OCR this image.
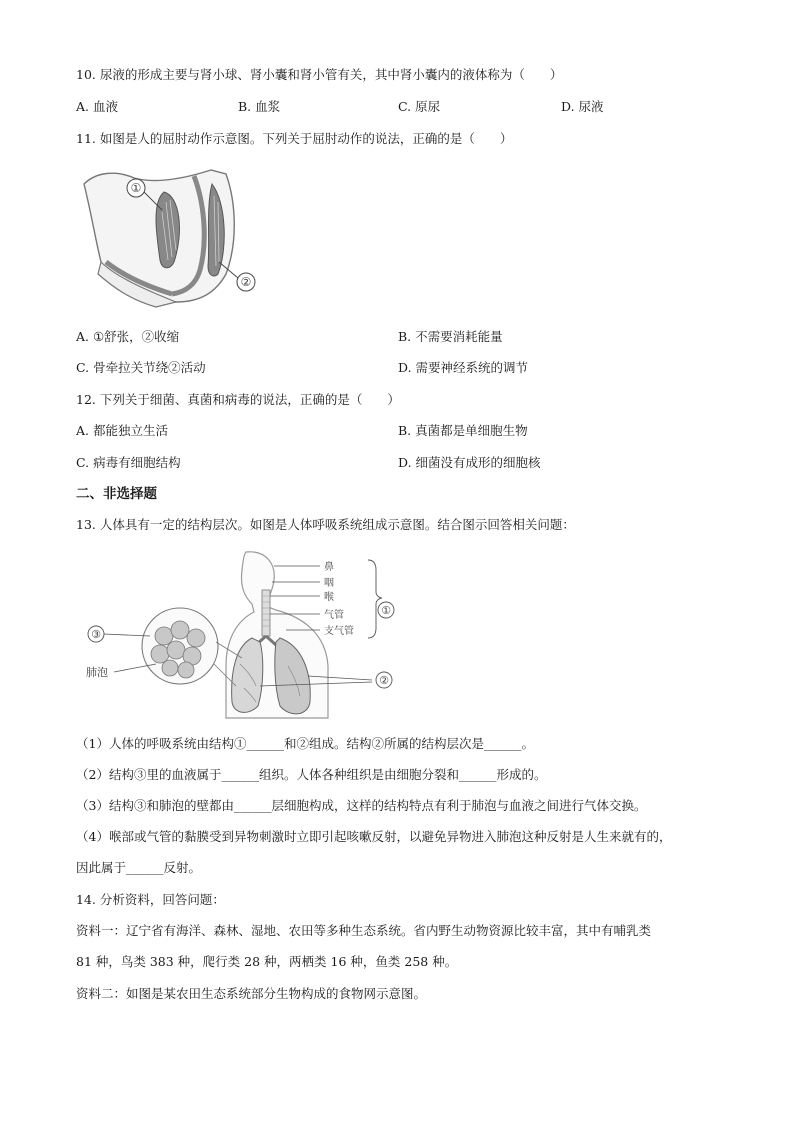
10. 尿液的形成主要与肾小球、肾小囊和肾小管有关，其中肾小囊内的液体称为（　　）
A. 血液	B. 血浆	C. 原尿	D. 尿液
11. 如图是人的屈肘动作示意图。下列关于屈肘动作的说法，正确的是（　　）
①
②
A. ①舒张，②收缩	B. 不需要消耗能量
C. 骨牵拉关节绕②活动	D. 需要神经系统的调节
12. 下列关于细菌、真菌和病毒的说法，正确的是（　　）
A. 都能独立生活	B. 真菌都是单细胞生物
C. 病毒有细胞结构	D. 细菌没有成形的细胞核
二、非选择题
13. 人体具有一定的结构层次。如图是人体呼吸系统组成示意图。结合图示回答相关问题：
③
肺泡
鼻
咽
喉
气管
支气管
①
②
（1）人体的呼吸系统由结构①______和②组成。结构②所属的结构层次是______。
（2）结构③里的血液属于______组织。人体各种组织是由细胞分裂和______形成的。
（3）结构③和肺泡的壁都由______层细胞构成，这样的结构特点有利于肺泡与血液之间进行气体交换。
（4）喉部或气管的黏膜受到异物刺激时立即引起咳嗽反射，以避免异物进入肺泡这种反射是人生来就有的，
因此属于______反射。
14. 分析资料，回答问题：
资料一：辽宁省有海洋、森林、湿地、农田等多种生态系统。省内野生动物资源比较丰富，其中有哺乳类
81 种，鸟类 383 种，爬行类 28 种，两栖类 16 种，鱼类 258 种。
资料二：如图是某农田生态系统部分生物构成的食物网示意图。
